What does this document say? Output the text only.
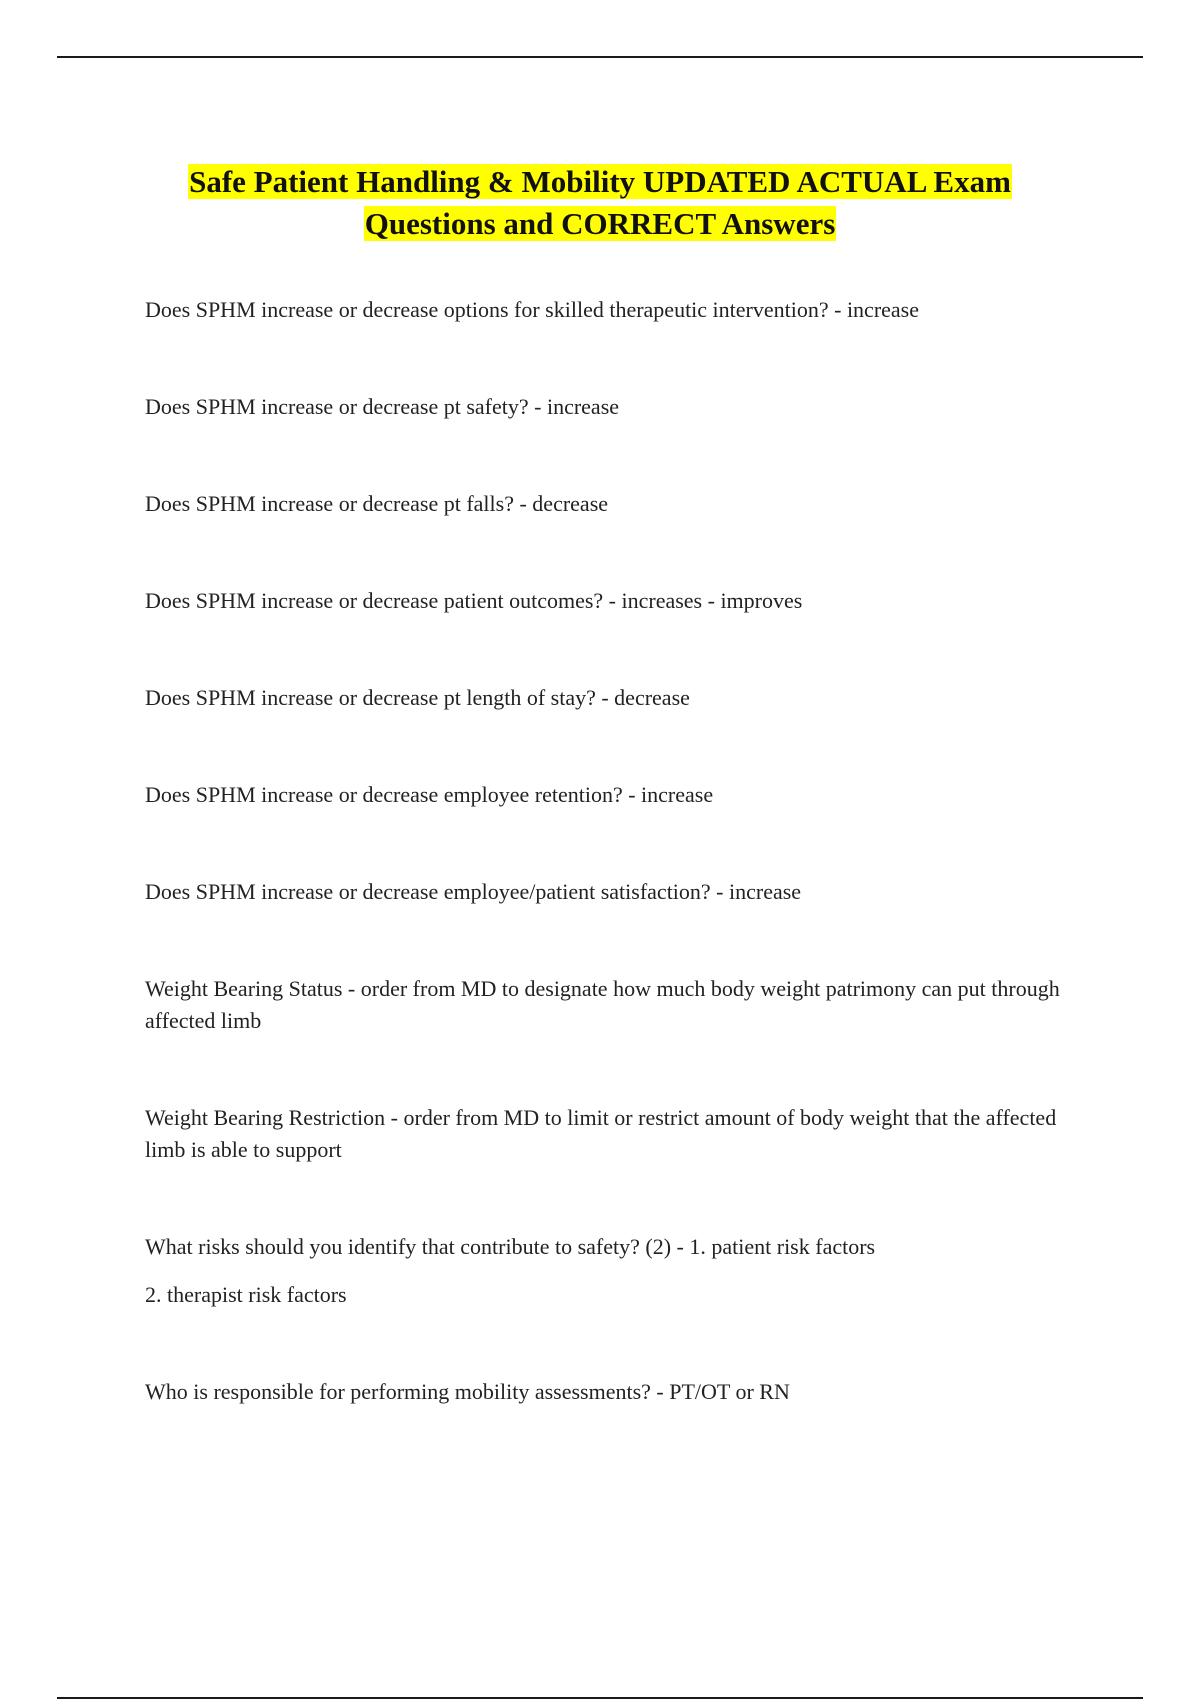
Safe Patient Handling & Mobility UPDATED ACTUAL Exam
Questions and CORRECT Answers

Does SPHM increase or decrease options for skilled therapeutic intervention? - increase

Does SPHM increase or decrease pt safety? - increase

Does SPHM increase or decrease pt falls? - decrease

Does SPHM increase or decrease patient outcomes? - increases - improves

Does SPHM increase or decrease pt length of stay? - decrease

Does SPHM increase or decrease employee retention? - increase

Does SPHM increase or decrease employee/patient satisfaction? - increase

Weight Bearing Status - order from MD to designate how much body weight patrimony can put through affected limb

Weight Bearing Restriction - order from MD to limit or restrict amount of body weight that the affected limb is able to support

What risks should you identify that contribute to safety? (2) - 1. patient risk factors

2. therapist risk factors

Who is responsible for performing mobility assessments? - PT/OT or RN
